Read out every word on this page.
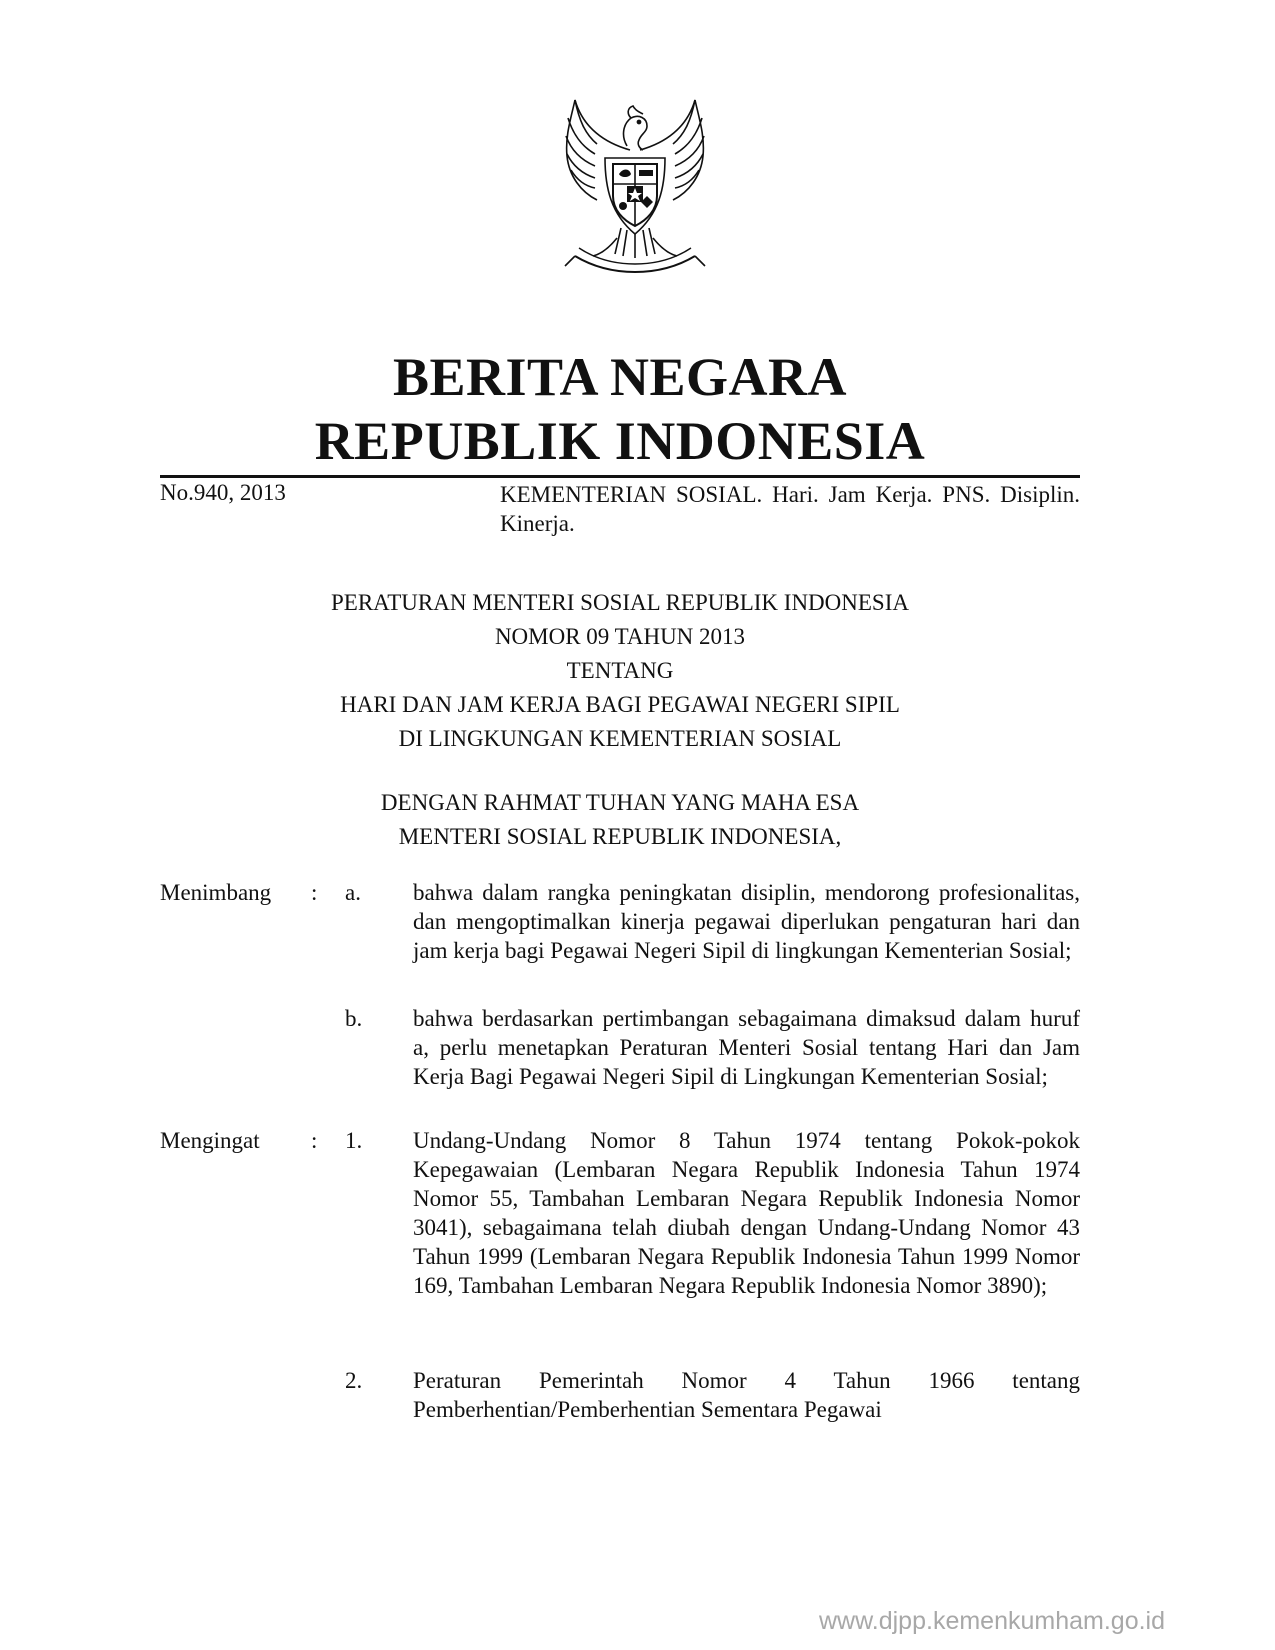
BERITA NEGARA
REPUBLIK INDONESIA
No.940, 2013	KEMENTERIAN SOSIAL. Hari. Jam Kerja. PNS. Disiplin. Kinerja.
PERATURAN MENTERI SOSIAL REPUBLIK INDONESIA
NOMOR 09 TAHUN 2013
TENTANG
HARI DAN JAM KERJA BAGI PEGAWAI NEGERI SIPIL
DI LINGKUNGAN KEMENTERIAN SOSIAL
DENGAN RAHMAT TUHAN YANG MAHA ESA
MENTERI SOSIAL REPUBLIK INDONESIA,
Menimbang : a. bahwa dalam rangka peningkatan disiplin, mendorong profesionalitas, dan mengoptimalkan kinerja pegawai diperlukan pengaturan hari dan jam kerja bagi Pegawai Negeri Sipil di lingkungan Kementerian Sosial;
b. bahwa berdasarkan pertimbangan sebagaimana dimaksud dalam huruf a, perlu menetapkan Peraturan Menteri Sosial tentang Hari dan Jam Kerja Bagi Pegawai Negeri Sipil di Lingkungan Kementerian Sosial;
Mengingat : 1. Undang-Undang Nomor 8 Tahun 1974 tentang Pokok-pokok Kepegawaian (Lembaran Negara Republik Indonesia Tahun 1974 Nomor 55, Tambahan Lembaran Negara Republik Indonesia Nomor 3041), sebagaimana telah diubah dengan Undang-Undang Nomor 43 Tahun 1999 (Lembaran Negara Republik Indonesia Tahun 1999 Nomor 169, Tambahan Lembaran Negara Republik Indonesia Nomor 3890);
2. Peraturan Pemerintah Nomor 4 Tahun 1966 tentang Pemberhentian/Pemberhentian Sementara Pegawai
www.djpp.kemenkumham.go.id
